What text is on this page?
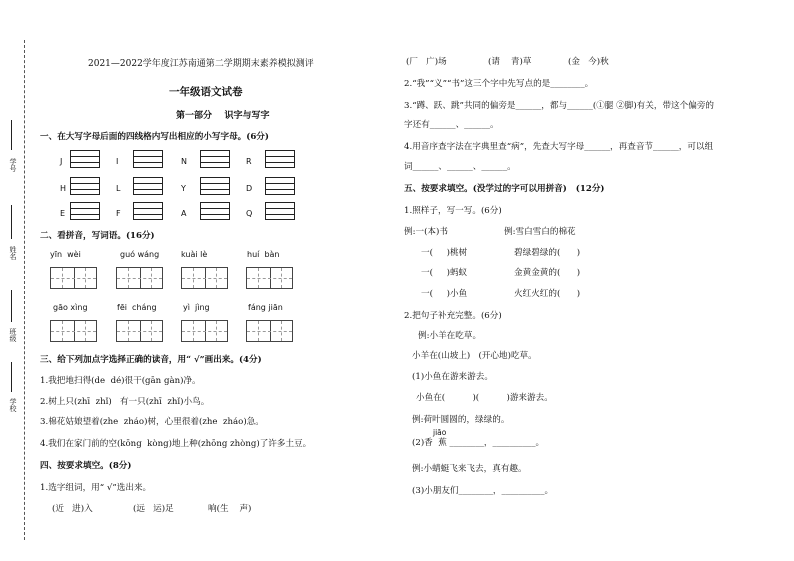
学号
姓名
班级
学校
2021—2022学年度江苏南通第二学期期末素养模拟测评
一年级语文试卷
第一部分    识字与写字
一、在大写字母后面的四线格内写出相应的小写字母。(6分)
J	I	N	R
H	L	Y	D
E	F	A	Q
二、看拼音，写词语。(16分)
yīn  wèi	guó wáng	kuài lè	huí  bàn
gāo xìng	fēi  cháng	yì  jìng	fáng jiān
三、给下列加点字选择正确的读音，用“ √”画出来。(4分)
1.我把地扫得(de  dé)很干(gān gàn)净。
2.树上只(zhī  zhǐ)   有一只(zhī  zhǐ)小鸟。
3.棉花姑娘望着(zhe  zháo)树，心里很着(zhe  zháo)急。
4.我们在家门前的空(kōng  kòng)地上种(zhōng zhòng)了许多土豆。
四、按要求填空。(8分)
1.选字组词，用“ √”选出来。
(近   进)入	(远   运)足	响(生    声)
(厂   广)场	(请    青)草	(金   今)秋
2.“我”“义”“书”这三个字中先写点的是________。
3.“蹲、跃、跳”共同的偏旁是______，都与______(①腿 ②脚)有关，带这个偏旁的
字还有______、______。
4.用音序查字法在字典里查“病”，先查大写字母______，再查音节______，可以组
词______、______、______。
五、按要求填空。(没学过的字可以用拼音)   (12分)
1.照样子，写一写。(6分)
例:一(本)书	例:雪白雪白的棉花
一(     )桃树	碧绿碧绿的(      )
一(     )蚂蚁	金黄金黄的(      )
一(     )小鱼	火红火红的(      )
2.把句子补充完整。(6分)
例:小羊在吃草。
小羊在(山坡上)   (开心地)吃草。
(1)小鱼在游来游去。
小鱼在(          )(          )游来游去。
例:荷叶圆圆的，绿绿的。
jiāo
(2)香  蕉 ________，__________。
例:小蜻蜓飞来飞去，真有趣。
(3)小朋友们________，__________。
